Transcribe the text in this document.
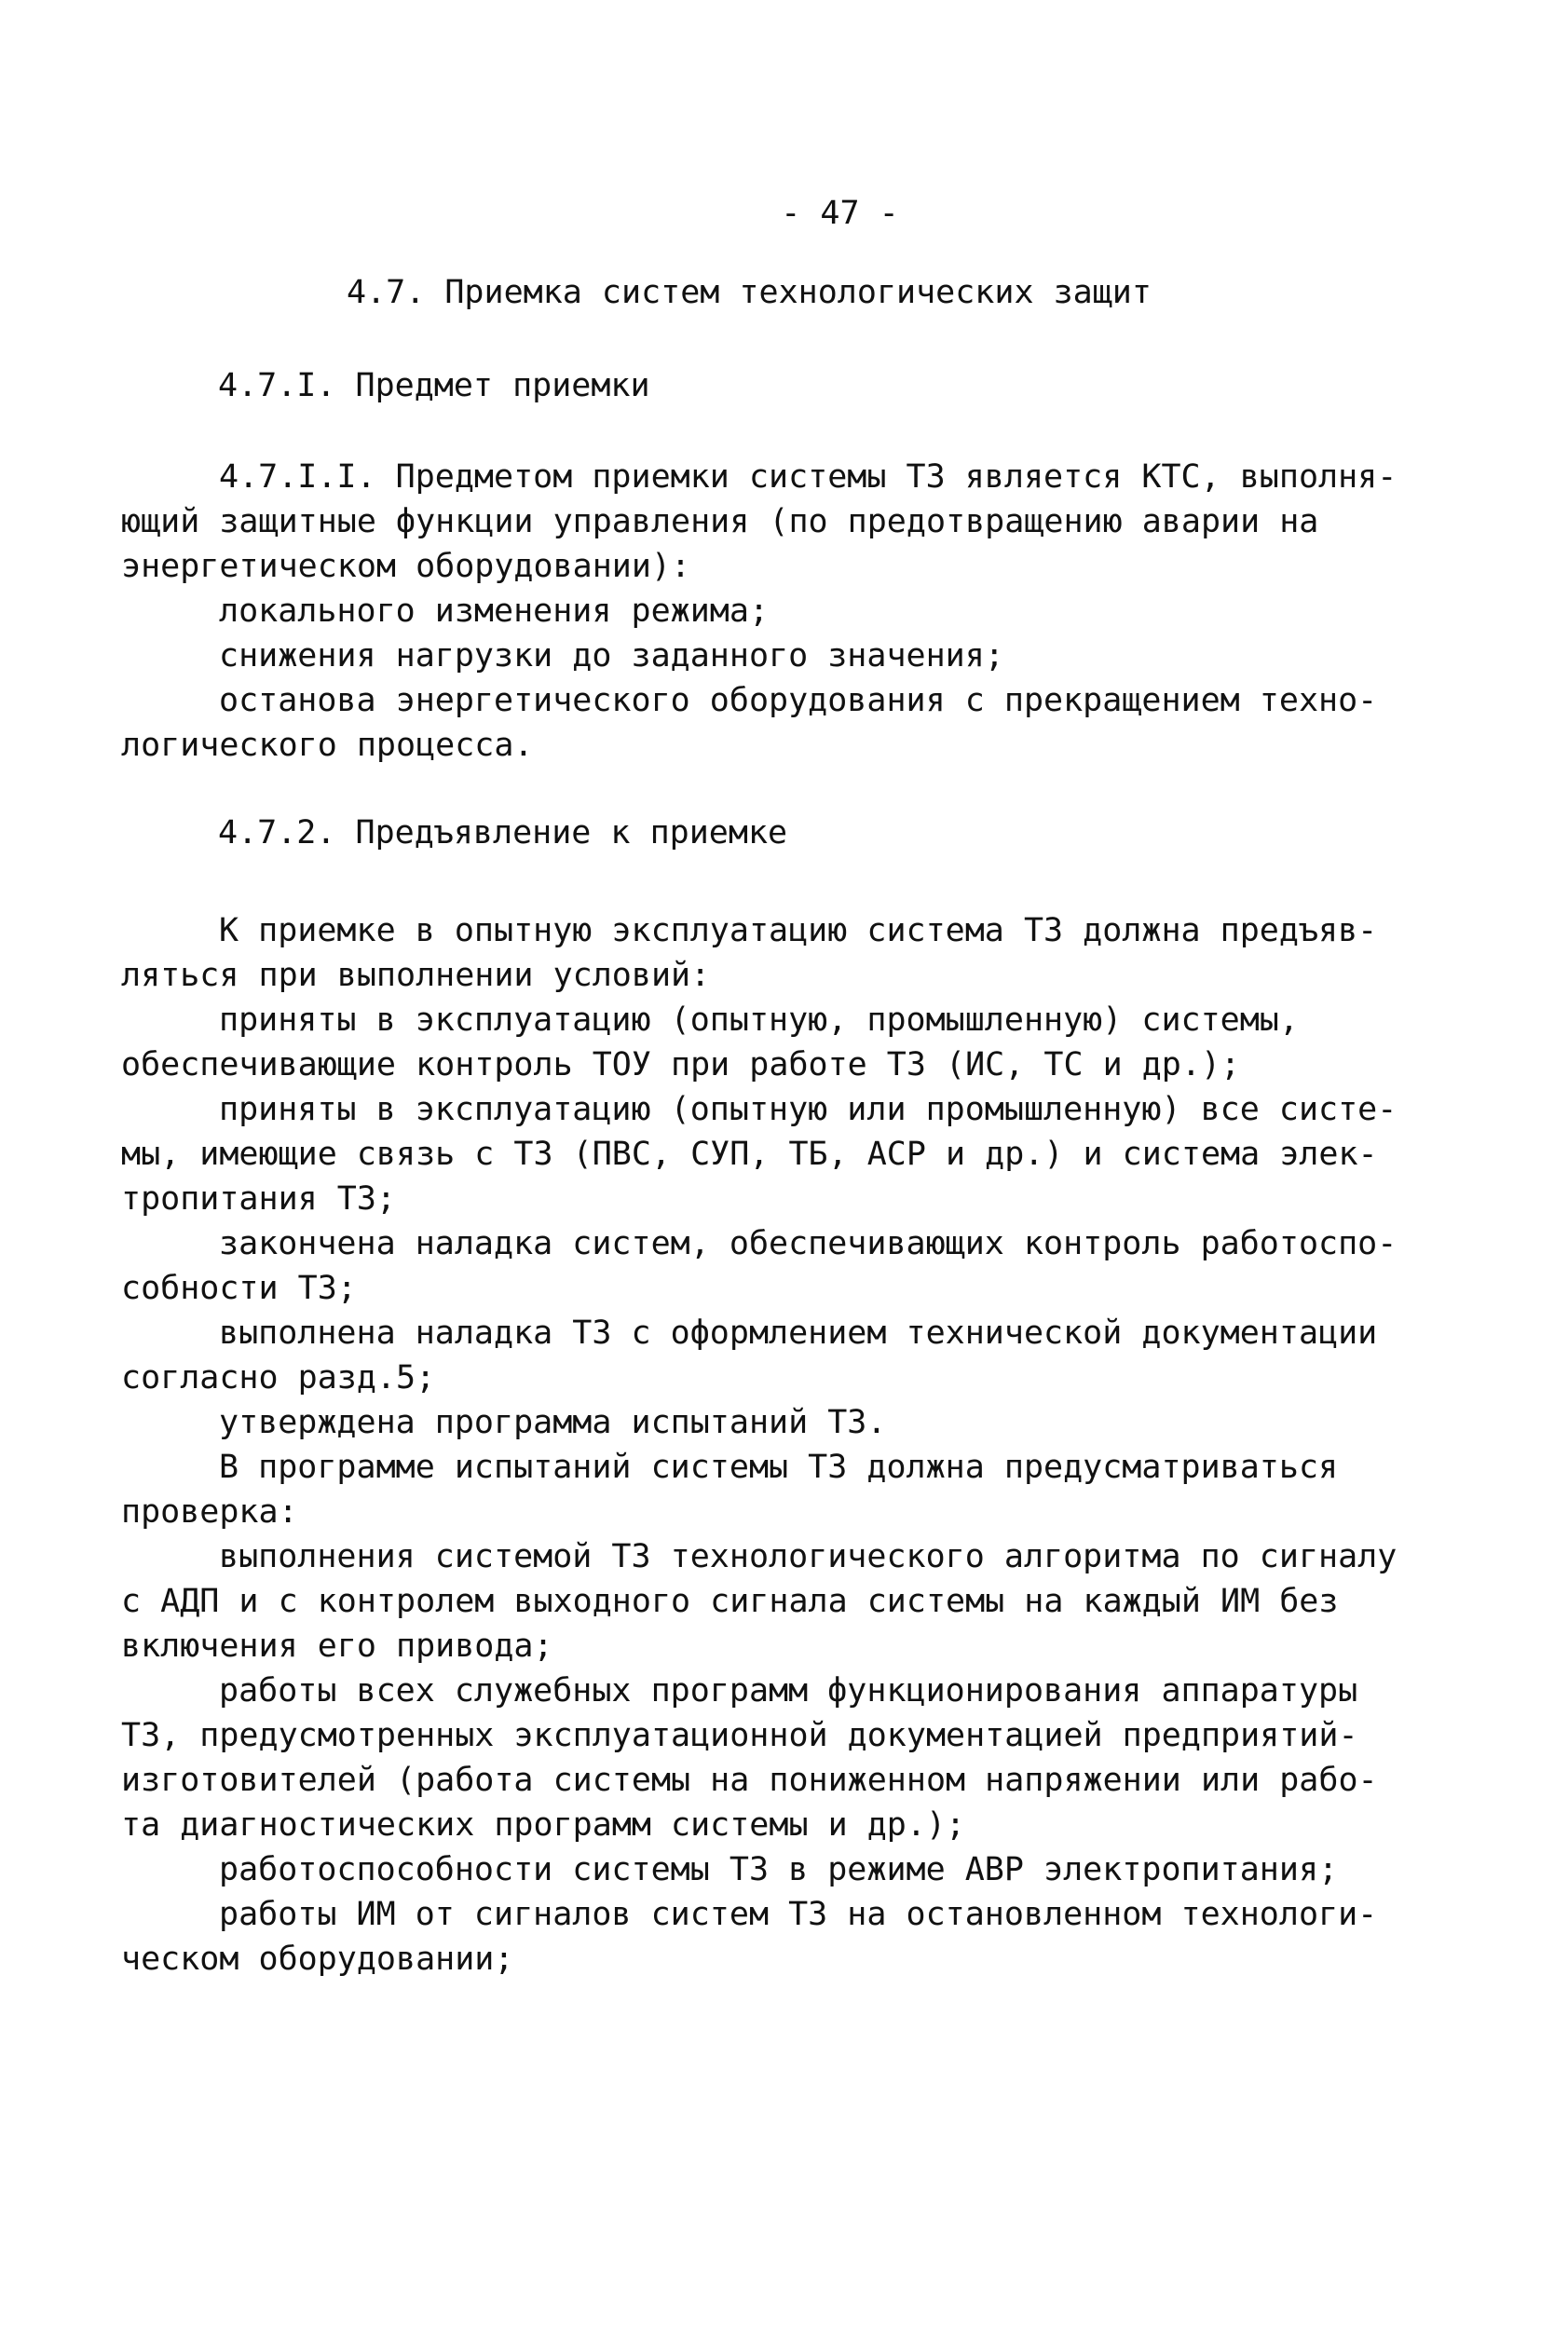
- 47 -
4.7. Приемка систем технологических защит
4.7.I. Предмет приемки
4.7.I.I. Предметом приемки системы ТЗ является КТС, выполня-
ющий защитные функции управления (по предотвращению аварии на
энергетическом оборудовании):
локального изменения режима;
снижения нагрузки до заданного значения;
останова энергетического оборудования с прекращением техно-
логического процесса.
4.7.2. Предъявление к приемке
К приемке в опытную эксплуатацию система ТЗ должна предъяв-
ляться при выполнении условий:
приняты в эксплуатацию (опытную, промышленную) системы,
обеспечивающие контроль ТОУ при работе ТЗ (ИС, ТС и др.);
приняты в эксплуатацию (опытную или промышленную) все систе-
мы, имеющие связь с ТЗ (ПВС, СУП, ТБ, АСР и др.) и система элек-
тропитания ТЗ;
закончена наладка систем, обеспечивающих контроль работоспо-
собности ТЗ;
выполнена наладка ТЗ с оформлением технической документации
согласно разд.5;
утверждена программа испытаний ТЗ.
В программе испытаний системы ТЗ должна предусматриваться
проверка:
выполнения системой ТЗ технологического алгоритма по сигналу
с АДП и с контролем выходного сигнала системы на каждый ИМ без
включения его привода;
работы всех служебных программ функционирования аппаратуры
ТЗ, предусмотренных эксплуатационной документацией предприятий-
изготовителей (работа системы на пониженном напряжении или рабо-
та диагностических программ системы и др.);
работоспособности системы ТЗ в режиме АВР электропитания;
работы ИМ от сигналов систем ТЗ на остановленном технологи-
ческом оборудовании;
